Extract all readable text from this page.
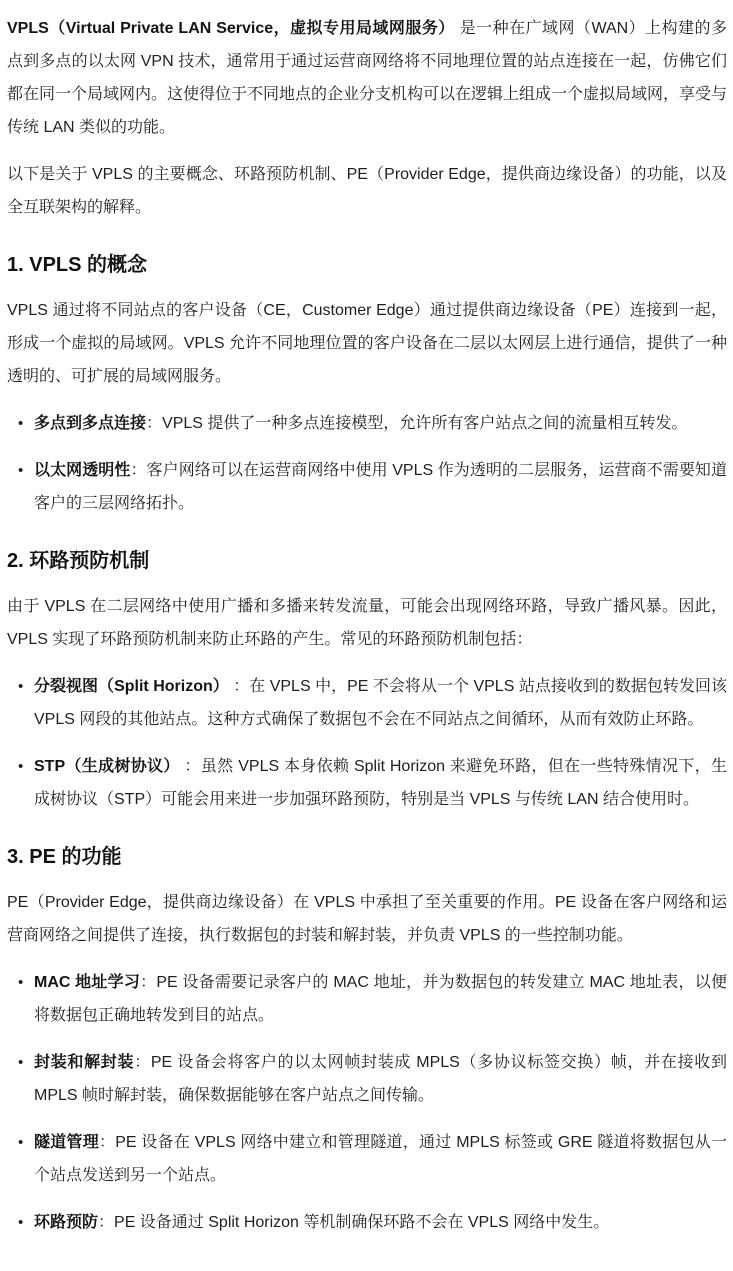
VPLS（Virtual Private LAN Service，虚拟专用局域网服务） 是一种在广域网（WAN）上构建的多点到多点的以太网 VPN 技术，通常用于通过运营商网络将不同地理位置的站点连接在一起，仿佛它们都在同一个局域网内。这使得位于不同地点的企业分支机构可以在逻辑上组成一个虚拟局域网，享受与传统 LAN 类似的功能。

以下是关于 VPLS 的主要概念、环路预防机制、PE（Provider Edge，提供商边缘设备）的功能，以及全互联架构的解释。

1. VPLS 的概念

VPLS 通过将不同站点的客户设备（CE，Customer Edge）通过提供商边缘设备（PE）连接到一起，形成一个虚拟的局域网。VPLS 允许不同地理位置的客户设备在二层以太网层上进行通信，提供了一种透明的、可扩展的局域网服务。

• 多点到多点连接：VPLS 提供了一种多点连接模型，允许所有客户站点之间的流量相互转发。
• 以太网透明性：客户网络可以在运营商网络中使用 VPLS 作为透明的二层服务，运营商不需要知道客户的三层网络拓扑。
2. 环路预防机制

由于 VPLS 在二层网络中使用广播和多播来转发流量，可能会出现网络环路，导致广播风暴。因此，VPLS 实现了环路预防机制来防止环路的产生。常见的环路预防机制包括：

• 分裂视图（Split Horizon） ：在 VPLS 中，PE 不会将从一个 VPLS 站点接收到的数据包转发回该 VPLS 网段的其他站点。这种方式确保了数据包不会在不同站点之间循环，从而有效防止环路。
• STP（生成树协议） ：虽然 VPLS 本身依赖 Split Horizon 来避免环路，但在一些特殊情况下，生成树协议（STP）可能会用来进一步加强环路预防，特别是当 VPLS 与传统 LAN 结合使用时。
3. PE 的功能

PE（Provider Edge，提供商边缘设备）在 VPLS 中承担了至关重要的作用。PE 设备在客户网络和运营商网络之间提供了连接，执行数据包的封装和解封装，并负责 VPLS 的一些控制功能。

• MAC 地址学习：PE 设备需要记录客户的 MAC 地址，并为数据包的转发建立 MAC 地址表，以便将数据包正确地转发到目的站点。
• 封装和解封装：PE 设备会将客户的以太网帧封装成 MPLS（多协议标签交换）帧，并在接收到 MPLS 帧时解封装，确保数据能够在客户站点之间传输。
• 隧道管理：PE 设备在 VPLS 网络中建立和管理隧道，通过 MPLS 标签或 GRE 隧道将数据包从一个站点发送到另一个站点。
• 环路预防：PE 设备通过 Split Horizon 等机制确保环路不会在 VPLS 网络中发生。
